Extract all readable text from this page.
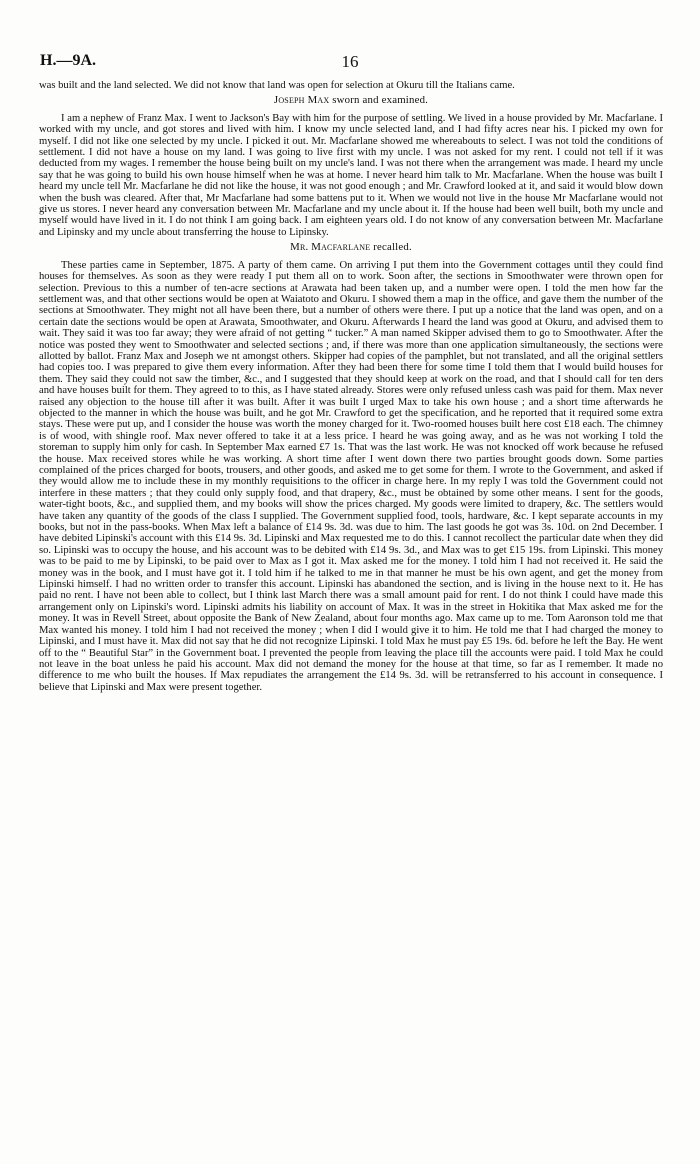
H.—9A.	16

was built and the land selected. We did not know that land was open for selection at Okuru till the Italians came.

Joseph Max sworn and examined.

I am a nephew of Franz Max. I went to Jackson's Bay with him for the purpose of settling. We lived in a house provided by Mr. Macfarlane. I worked with my uncle, and got stores and lived with him. I know my uncle selected land, and I had fifty acres near his. I picked my own for myself. I did not like one selected by my uncle. I picked it out. Mr. Macfarlane showed me whereabouts to select. I was not told the conditions of settlement. I did not have a house on my land. I was going to live first with my uncle. I was not asked for my rent. I could not tell if it was deducted from my wages. I remember the house being built on my uncle's land. I was not there when the arrangement was made. I heard my uncle say that he was going to build his own house himself when he was at home. I never heard him talk to Mr. Macfarlane. When the house was built I heard my uncle tell Mr. Macfarlane he did not like the house, it was not good enough ; and Mr. Crawford looked at it, and said it would blow down when the bush was cleared. After that, Mr Macfarlane had some battens put to it. When we would not live in the house Mr Macfarlane would not give us stores. I never heard any conversation between Mr. Macfarlane and my uncle about it. If the house had been well built, both my uncle and myself would have lived in it. I do not think I am going back. I am eighteen years old. I do not know of any conversation between Mr. Macfarlane and Lipinsky and my uncle about transferring the house to Lipinsky.

Mr. Macfarlane recalled.

These parties came in September, 1875. A party of them came. On arriving I put them into the Government cottages until they could find houses for themselves. As soon as they were ready I put them all on to work. Soon after, the sections in Smoothwater were thrown open for selection. Previous to this a number of ten-acre sections at Arawata had been taken up, and a number were open. I told the men how far the settlement was, and that other sections would be open at Waiatoto and Okuru. I showed them a map in the office, and gave them the number of the sections at Smoothwater. They might not all have been there, but a number of others were there. I put up a notice that the land was open, and on a certain date the sections would be open at Arawata, Smoothwater, and Okuru. Afterwards I heard the land was good at Okuru, and advised them to wait. They said it was too far away; they were afraid of not getting “ tucker.” A man named Skipper advised them to go to Smoothwater. After the notice was posted they went to Smoothwater and selected sections ; and, if there was more than one application simultaneously, the sections were allotted by ballot. Franz Max and Joseph we nt amongst others. Skipper had copies of the pamphlet, but not translated, and all the original settlers had copies too. I was prepared to give them every information. After they had been there for some time I told them that I would build houses for them. They said they could not saw the timber, &c., and I suggested that they should keep at work on the road, and that I should call for ten ders and have houses built for them. They agreed to to this, as I have stated already. Stores were only refused unless cash was paid for them. Max never raised any objection to the house till after it was built. After it was built I urged Max to take his own house ; and a short time afterwards he objected to the manner in which the house was built, and he got Mr. Crawford to get the specification, and he reported that it required some extra stays. These were put up, and I consider the house was worth the money charged for it. Two-roomed houses built here cost £18 each. The chimney is of wood, with shingle roof. Max never offered to take it at a less price. I heard he was going away, and as he was not working I told the storeman to supply him only for cash. In September Max earned £7 1s. That was the last work. He was not knocked off work because he refused the house. Max received stores while he was working. A short time after I went down there two parties brought goods down. Some parties complained of the prices charged for boots, trousers, and other goods, and asked me to get some for them. I wrote to the Government, and asked if they would allow me to include these in my monthly requisitions to the officer in charge here. In my reply I was told the Government could not interfere in these matters ; that they could only supply food, and that drapery, &c., must be obtained by some other means. I sent for the goods, water-tight boots, &c., and supplied them, and my books will show the prices charged. My goods were limited to drapery, &c. The settlers would have taken any quantity of the goods of the class I supplied. The Government supplied food, tools, hardware, &c. I kept separate accounts in my books, but not in the pass-books. When Max left a balance of £14 9s. 3d. was due to him. The last goods he got was 3s. 10d. on 2nd December. I have debited Lipinski's account with this £14 9s. 3d. Lipinski and Max requested me to do this. I cannot recollect the particular date when they did so. Lipinski was to occupy the house, and his account was to be debited with £14 9s. 3d., and Max was to get £15 19s. from Lipinski. This money was to be paid to me by Lipinski, to be paid over to Max as I got it. Max asked me for the money. I told him I had not received it. He said the money was in the book, and I must have got it. I told him if he talked to me in that manner he must be his own agent, and get the money from Lipinski himself. I had no written order to transfer this account. Lipinski has abandoned the section, and is living in the house next to it. He has paid no rent. I have not been able to collect, but I think last March there was a small amount paid for rent. I do not think I could have made this arrangement only on Lipinski's word. Lipinski admits his liability on account of Max. It was in the street in Hokitika that Max asked me for the money. It was in Revell Street, about opposite the Bank of New Zealand, about four months ago. Max came up to me. Tom Aaronson told me that Max wanted his money. I told him I had not received the money ; when I did I would give it to him. He told me that I had charged the money to Lipinski, and I must have it. Max did not say that he did not recognize Lipinski. I told Max he must pay £5 19s. 6d. before he left the Bay. He went off to the “ Beautiful Star” in the Government boat. I prevented the people from leaving the place till the accounts were paid. I told Max he could not leave in the boat unless he paid his account. Max did not demand the money for the house at that time, so far as I remember. It made no difference to me who built the houses. If Max repudiates the arrangement the £14 9s. 3d. will be retransferred to his account in consequence. I believe that Lipinski and Max were present together.
